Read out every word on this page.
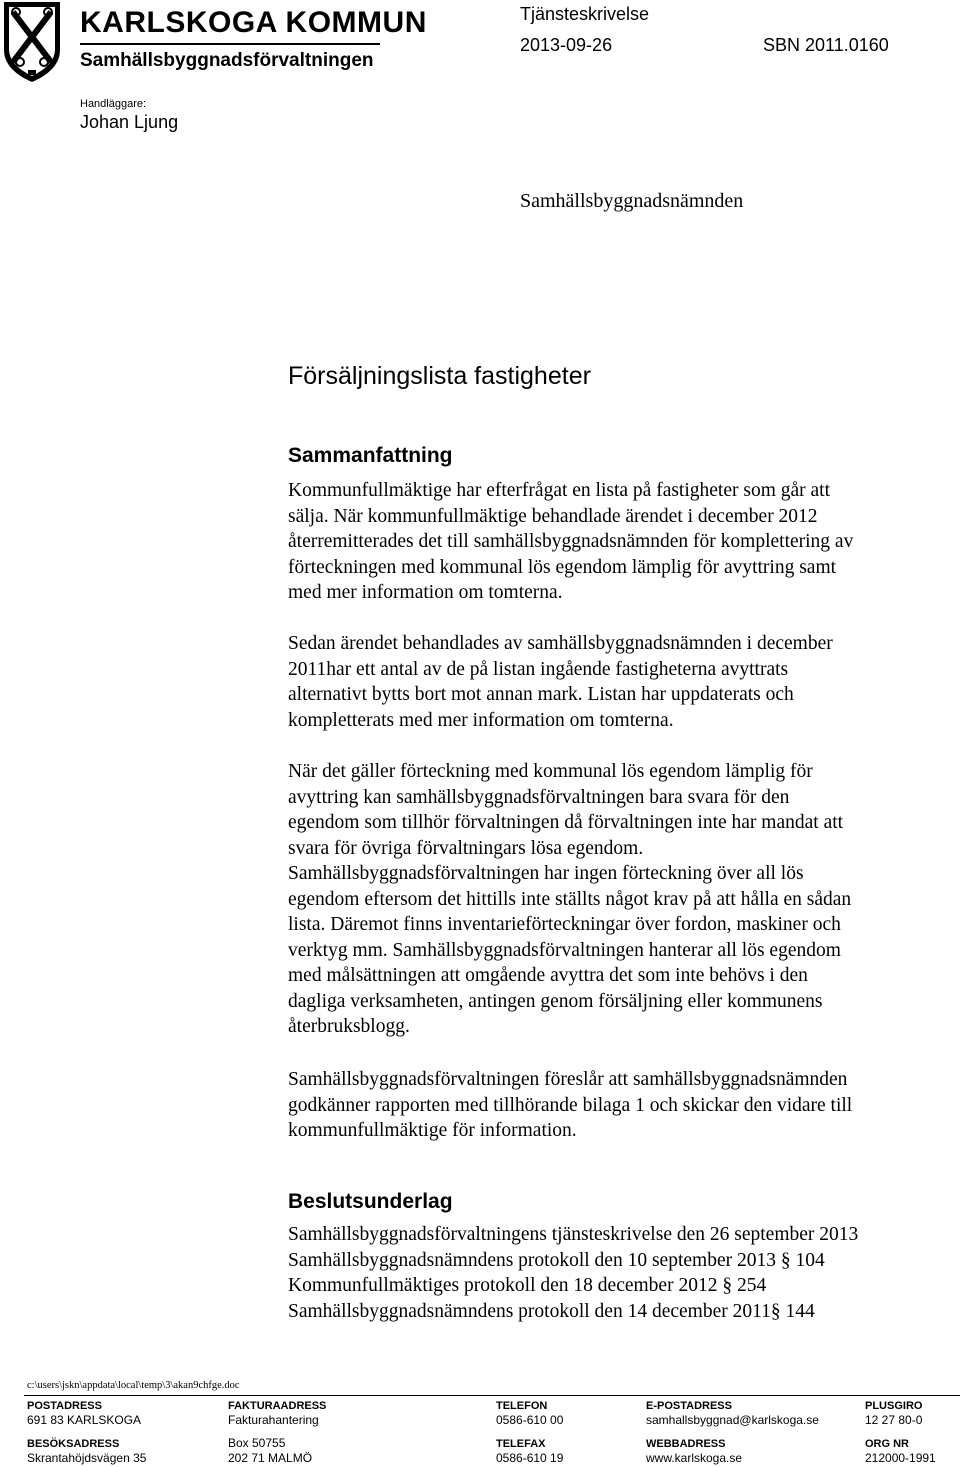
KARLSKOGA KOMMUN
Samhällsbyggnadsförvaltningen
Tjänsteskrivelse
2013-09-26	SBN 2011.0160
Handläggare:
Johan Ljung
Samhällsbyggnadsnämnden
Försäljningslista fastigheter
Sammanfattning
Kommunfullmäktige har efterfrågat en lista på fastigheter som går att
sälja. När kommunfullmäktige behandlade ärendet i december 2012
återremitterades det till samhällsbyggnadsnämnden för komplettering av
förteckningen med kommunal lös egendom lämplig för avyttring samt
med mer information om tomterna.
Sedan ärendet behandlades av samhällsbyggnadsnämnden i december
2011har ett antal av de på listan ingående fastigheterna avyttrats
alternativt bytts bort mot annan mark. Listan har uppdaterats och
kompletterats med mer information om tomterna.
När det gäller förteckning med kommunal lös egendom lämplig för
avyttring kan samhällsbyggnadsförvaltningen bara svara för den
egendom som tillhör förvaltningen då förvaltningen inte har mandat att
svara för övriga förvaltningars lösa egendom.
Samhällsbyggnadsförvaltningen har ingen förteckning över all lös
egendom eftersom det hittills inte ställts något krav på att hålla en sådan
lista. Däremot finns inventarieförteckningar över fordon, maskiner och
verktyg mm. Samhällsbyggnadsförvaltningen hanterar all lös egendom
med målsättningen att omgående avyttra det som inte behövs i den
dagliga verksamheten, antingen genom försäljning eller kommunens
återbruksblogg.
Samhällsbyggnadsförvaltningen föreslår att samhällsbyggnadsnämnden
godkänner rapporten med tillhörande bilaga 1 och skickar den vidare till
kommunfullmäktige för information.
Beslutsunderlag
Samhällsbyggnadsförvaltningens tjänsteskrivelse den 26 september 2013
Samhällsbyggnadsnämndens protokoll den 10 september 2013 § 104
Kommunfullmäktiges protokoll den 18 december 2012 § 254
Samhällsbyggnadsnämndens protokoll den 14 december 2011§ 144
c:\users\jskn\appdata\local\temp\3\akan9chfge.doc
POSTADRESS
691 83 KARLSKOGA
BESÖKSADRESS
Skrantahöjdsvägen 35
FAKTURAADRESS
Fakturahantering
Box 50755
202 71 MALMÖ
TELEFON
0586-610 00
TELEFAX
0586-610 19
E-POSTADRESS
samhallsbyggnad@karlskoga.se
WEBBADRESS
www.karlskoga.se
PLUSGIRO
12 27 80-0
ORG NR
212000-1991
